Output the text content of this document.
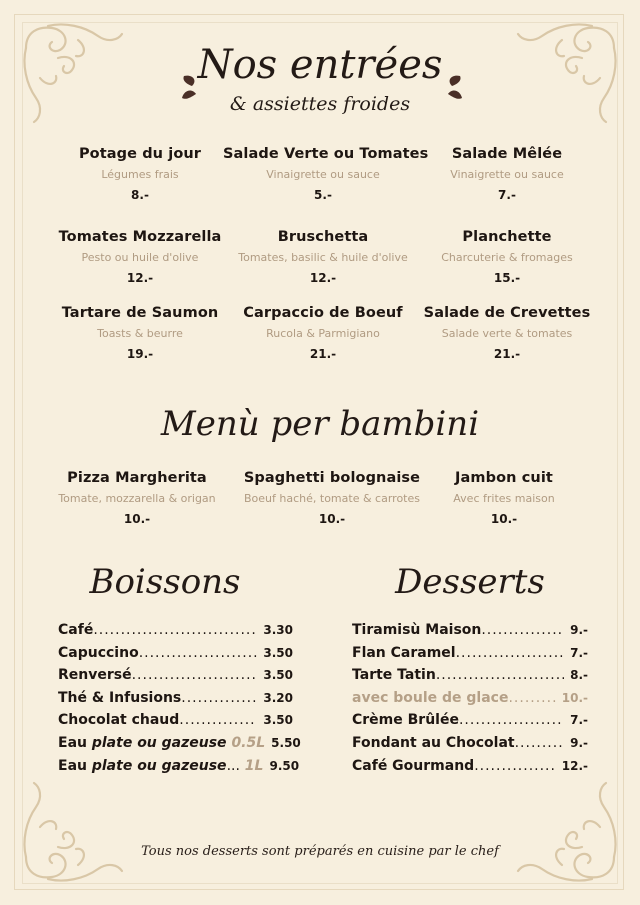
Nos entrées
& assiettes froides
Potage du jour
Légumes frais
8.-
Salade Verte ou Tomates
Vinaigrette ou sauce
5.-
Salade Mêlée
Vinaigrette ou sauce
7.-
Tomates Mozzarella
Pesto ou huile d'olive
12.-
Bruschetta
Tomates, basilic & huile d'olive
12.-
Planchette
Charcuterie & fromages
15.-
Tartare de Saumon
Toasts & beurre
19.-
Carpaccio de Boeuf
Rucola & Parmigiano
21.-
Salade de Crevettes
Salade verte & tomates
21.-
Menù per bambini
Pizza Margherita
Tomate, mozzarella & origan
10.-
Spaghetti bolognaise
Boeuf haché, tomate & carrotes
10.-
Jambon cuit
Avec frites maison
10.-
Boissons
Café .....	3.30
Capuccino .....	3.50
Renversé .....	3.50
Thé & Infusions .....	3.20
Chocolat chaud .....	3.50
Eau plate ou gazeuse 0.5L 5.50
Eau plate ou gazeuse... 1L 9.50
Desserts
Tiramisù Maison .....	9.-
Flan Caramel .....	7.-
Tarte Tatin .....	8.-
avec boule de glace .....	10.-
Crème Brûlée .....	7.-
Fondant au Chocolat .....	9.-
Café Gourmand .....	12.-
Tous nos desserts sont préparés en cuisine par le chef
